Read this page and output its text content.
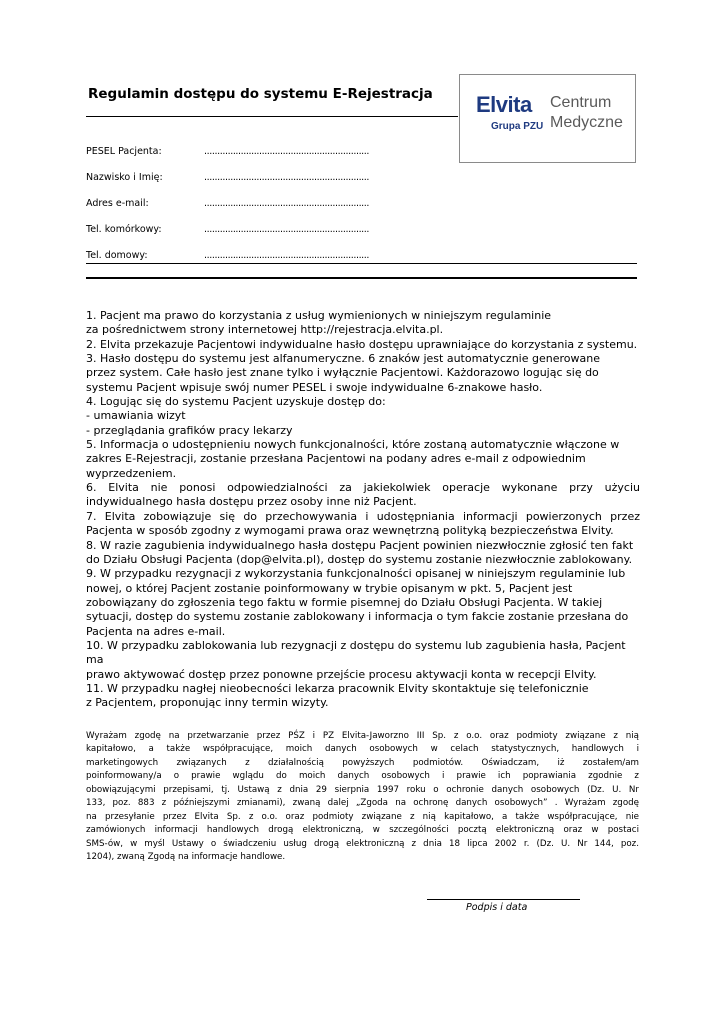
Regulamin dostępu do systemu E-Rejestracja Elvita
Grupa PZU
Centrum
Medyczne
PESEL Pacjenta:	...............................................................
Nazwisko i Imię:	...............................................................
Adres e-mail:	...............................................................
Tel. komórkowy:	...............................................................
Tel. domowy:	...............................................................

1. Pacjent ma prawo do korzystania z usług wymienionych w niniejszym regulaminie

za pośrednictwem strony internetowej http://rejestracja.elvita.pl.

2. Elvita przekazuje Pacjentowi indywidualne hasło dostępu uprawniające do korzystania z systemu.

3. Hasło dostępu do systemu jest alfanumeryczne. 6 znaków jest automatycznie generowane

przez system. Całe hasło jest znane tylko i wyłącznie Pacjentowi. Każdorazowo logując się do

systemu Pacjent wpisuje swój numer PESEL i swoje indywidualne 6-znakowe hasło.

4. Logując się do systemu Pacjent uzyskuje dostęp do:

- umawiania wizyt

- przeglądania grafików pracy lekarzy

5. Informacja o udostępnieniu nowych funkcjonalności, które zostaną automatycznie włączone w

zakres E-Rejestracji, zostanie przesłana Pacjentowi na podany adres e-mail z odpowiednim

wyprzedzeniem.

6. Elvita nie ponosi odpowiedzialności za jakiekolwiek operacje wykonane przy użyciu

indywidualnego hasła dostępu przez osoby inne niż Pacjent.

7. Elvita zobowiązuje się do przechowywania i udostępniania informacji powierzonych przez

Pacjenta w sposób zgodny z wymogami prawa oraz wewnętrzną polityką bezpieczeństwa Elvity.

8. W razie zagubienia indywidualnego hasła dostępu Pacjent powinien niezwłocznie zgłosić ten fakt

do Działu Obsługi Pacjenta (dop@elvita.pl), dostęp do systemu zostanie niezwłocznie zablokowany.

9. W przypadku rezygnacji z wykorzystania funkcjonalności opisanej w niniejszym regulaminie lub

nowej, o której Pacjent zostanie poinformowany w trybie opisanym w pkt. 5, Pacjent jest

zobowiązany do zgłoszenia tego faktu w formie pisemnej do Działu Obsługi Pacjenta. W takiej

sytuacji, dostęp do systemu zostanie zablokowany i informacja o tym fakcie zostanie przesłana do

Pacjenta na adres e-mail.

10. W przypadku zablokowania lub rezygnacji z dostępu do systemu lub zagubienia hasła, Pacjent ma

prawo aktywować dostęp przez ponowne przejście procesu aktywacji konta w recepcji Elvity.

11. W przypadku nagłej nieobecności lekarza pracownik Elvity skontaktuje się telefonicznie

z Pacjentem, proponując inny termin wizyty.

Wyrażam zgodę na przetwarzanie przez PŚZ i PZ Elvita-Jaworzno III Sp. z o.o. oraz podmioty związane z nią

kapitałowo, a także współpracujące, moich danych osobowych w celach statystycznych, handlowych i

marketingowych związanych z działalnością powyższych podmiotów. Oświadczam, iż zostałem/am

poinformowany/a o prawie wglądu do moich danych osobowych i prawie ich poprawiania zgodnie z

obowiązującymi przepisami, tj. Ustawą z dnia 29 sierpnia 1997 roku o ochronie danych osobowych (Dz. U. Nr

133, poz. 883 z późniejszymi zmianami), zwaną dalej „Zgoda na ochronę danych osobowych” . Wyrażam zgodę

na przesyłanie przez Elvita Sp. z o.o. oraz podmioty związane z nią kapitałowo, a także współpracujące, nie

zamówionych informacji handlowych drogą elektroniczną, w szczególności pocztą elektroniczną oraz w postaci

SMS-ów, w myśl Ustawy o świadczeniu usług drogą elektroniczną z dnia 18 lipca 2002 r. (Dz. U. Nr 144, poz.

1204), zwaną Zgodą na informacje handlowe.

Podpis i data
